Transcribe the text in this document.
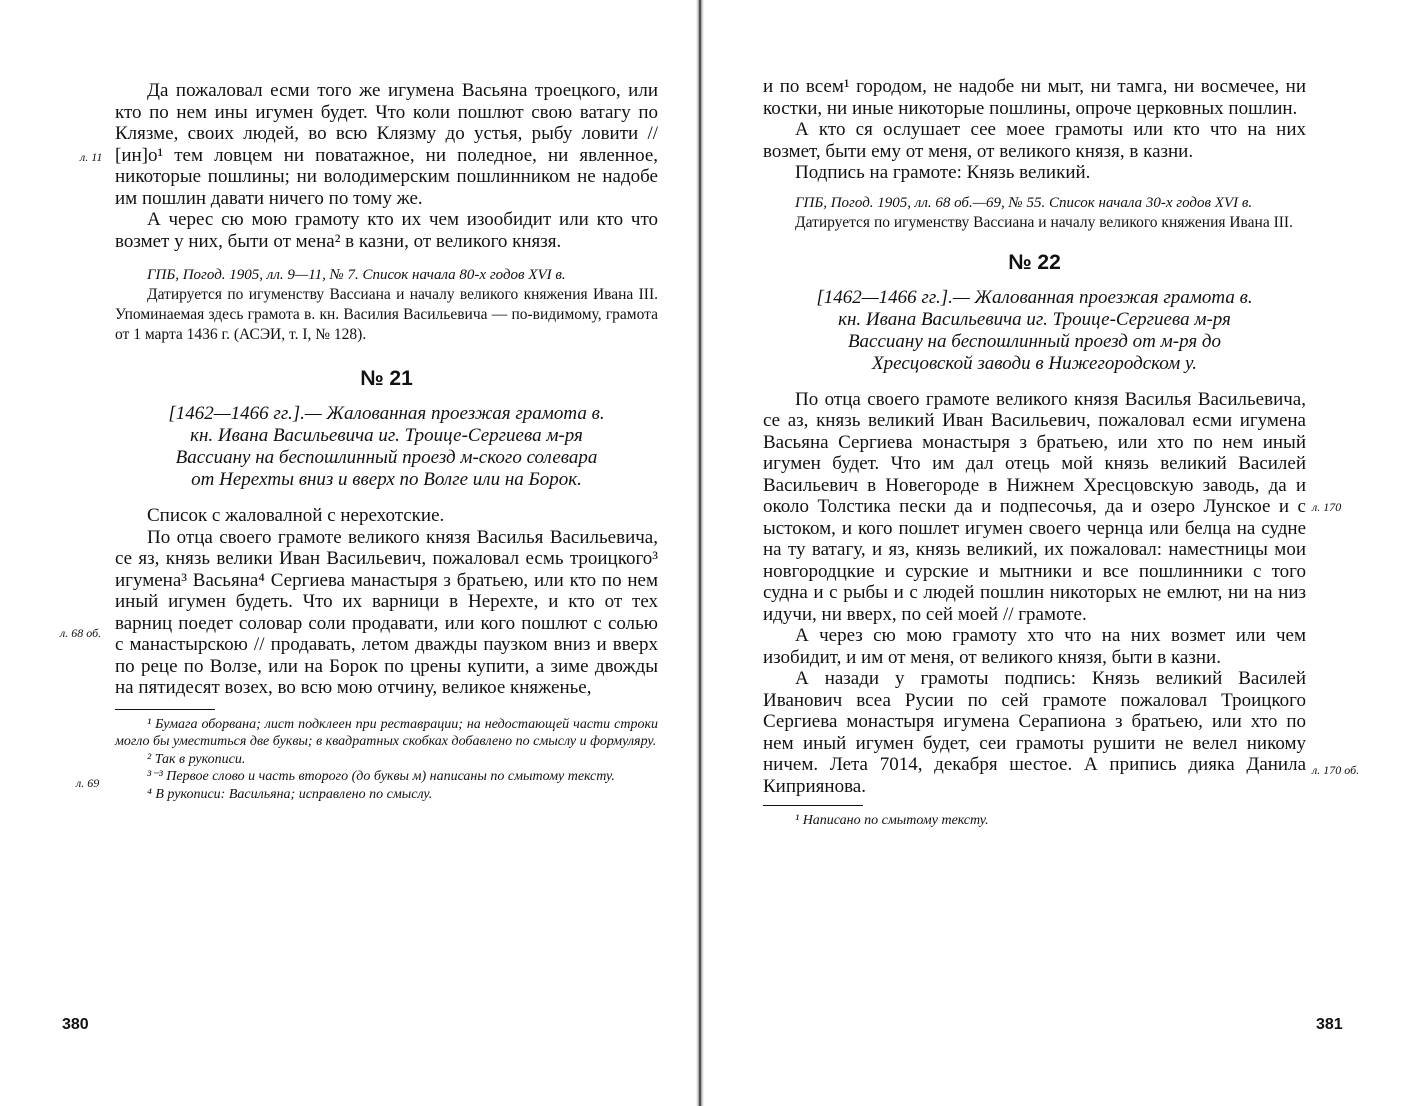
Да пожаловал есми того же игумена Васьяна троецкого, или кто по нем ины игумен будет. Что коли пошлют свою ватагу по Клязме, своих людей, во всю Клязму до устья, рыбу ловити // [ин]о¹ тем ловцем ни поватажное, ни поледное, ни явленное, никоторые пошлины; ни володимерским пошлинником не надобе им пошлин давати ничего по тому же.

А черес сю мою грамоту кто их чем изообидит или кто что возмет у них, быти от мена² в казни, от великого князя.

ГПБ, Погод. 1905, лл. 9—11, № 7. Список начала 80-х годов XVI в.

Датируется по игуменству Вассиана и началу великого княжения Ивана III. Упоминаемая здесь грамота в. кн. Василия Васильевича — по-видимому, грамота от 1 марта 1436 г. (АСЭИ, т. I, № 128).

№ 21

[1462—1466 гг.].— Жалованная проезжая грамота в. кн. Ивана Васильевича иг. Троице-Сергиева м-ря Вассиану на беспошлинный проезд м-ского солевара от Нерехты вниз и вверх по Волге или на Борок.

Список с жаловалной с нерехотские.

По отца своего грамоте великого князя Василья Васильевича, се яз, князь велики Иван Васильевич, пожаловал есмь троицкого³ игумена³ Васьяна⁴ Сергиева манастыря з братьею, или кто по нем иный игумен будеть. Что их варници в Нерехте, и кто от тех варниц поедет соловар соли продавати, или кого пошлют с солью с манастырскою // продавать, летом дважды паузком вниз и вверх по реце по Волзе, или на Борок по црены купити, а зиме двожды на пятидесят возех, во всю мою отчину, великое княженье,

¹ Бумага оборвана; лист подклеен при реставрации; на недостающей части строки могло бы уместиться две буквы; в квадратных скобках добавлено по смыслу и формуляру.

² Так в рукописи.

³⁻³ Первое слово и часть второго (до буквы м) написаны по смытому тексту.

⁴ В рукописи: Васильяна; исправлено по смыслу.

л. 11
л. 68 об.
л. 69
380

и по всем¹ городом, не надобе ни мыт, ни тамга, ни восмечее, ни костки, ни иные никоторые пошлины, опроче церковных пошлин.

А кто ся ослушает сее моее грамоты или кто что на них возмет, быти ему от меня, от великого князя, в казни.

Подпись на грамоте: Князь великий.

ГПБ, Погод. 1905, лл. 68 об.—69, № 55. Список начала 30-х годов XVI в.

Датируется по игуменству Вассиана и началу великого княжения Ивана III.

№ 22

[1462—1466 гг.].— Жалованная проезжая грамота в. кн. Ивана Васильевича иг. Троице-Сергиева м-ря Вассиану на беспошлинный проезд от м-ря до Хресцовской заводи в Нижегородском у.

По отца своего грамоте великого князя Василья Васильевича, се аз, князь великий Иван Васильевич, пожаловал есми игумена Васьяна Сергиева монастыря з братьею, или хто по нем иный игумен будет. Что им дал отець мой князь великий Василей Васильевич в Новегороде в Нижнем Хресцовскую заводь, да и около Толстика пески да и подпесочья, да и озеро Лунское и с ыстоком, и кого пошлет игумен своего чернца или белца на судне на ту ватагу, и яз, князь великий, их пожаловал: наместницы мои новгородцкие и сурские и мытники и все пошлинники с того судна и с рыбы и с людей пошлин никоторых не емлют, ни на низ идучи, ни вверх, по сей моей // грамоте.

А через сю мою грамоту хто что на них возмет или чем изобидит, и им от меня, от великого князя, быти в казни.

А назади у грамоты подпись: Князь великий Василей Иванович всеа Русии по сей грамоте пожаловал Троицкого Сергиева монастыря игумена Серапиона з братьею, или хто по нем иный игумен будет, сеи грамоты рушити не велел никому ничем. Лета 7014, декабря шестое. А припись диякa Данила Киприянова.

¹ Написано по смытому тексту.

л. 170
л. 170 об.
381
